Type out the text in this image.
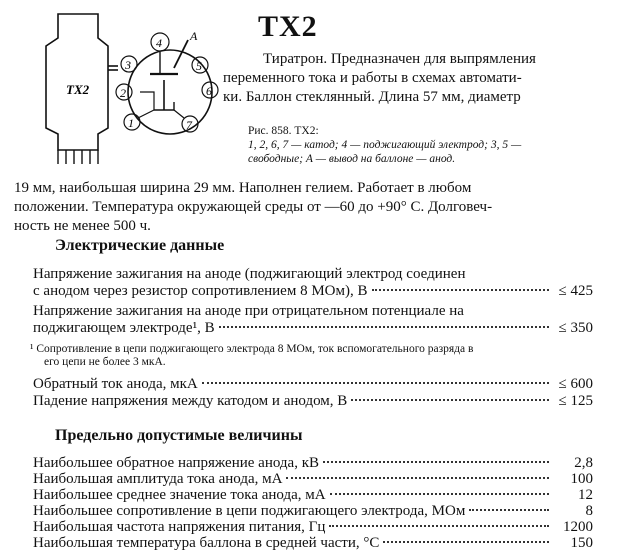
ТХ2
4
3	5
2	6
1	7
А ТХ2
Тиратрон. Предназначен для выпрямления
переменного тока и работы в схемах автомати-
ки. Баллон стеклянный. Длина 57 мм, диаметр
Рис. 858. ТХ2:
1, 2, 6, 7 — катод; 4 — поджигающий электрод; 3, 5 —
свободные; А — вывод на баллоне — анод.
19 мм, наибольшая ширина 29 мм. Наполнен гелием. Работает в любом
положении. Температура окружающей среды от —60 до +90° С. Долговеч-
ность не менее 500 ч.
Электрические данные
Напряжение зажигания на аноде (поджигающий электрод соединен
с анодом через резистор сопротивлением 8 МОм), В	≤ 425
Напряжение зажигания на аноде при отрицательном потенциале на
поджигающем электроде¹, В	≤ 350
¹ Сопротивление в цепи поджигающего электрода 8 МОм, ток вспомогательного разряда в
его цепи не более 3 мкА.
Обратный ток анода, мкА	≤ 600
Падение напряжения между катодом и анодом, В	≤ 125
Предельно допустимые величины
Наибольшее обратное напряжение анода, кВ	2,8
Наибольшая амплитуда тока анода, мА	100
Наибольшее среднее значение тока анода, мА	12
Наибольшее сопротивление в цепи поджигающего электрода, МОм	8
Наибольшая частота напряжения питания, Гц	1200
Наибольшая температура баллона в средней части, °С	150
